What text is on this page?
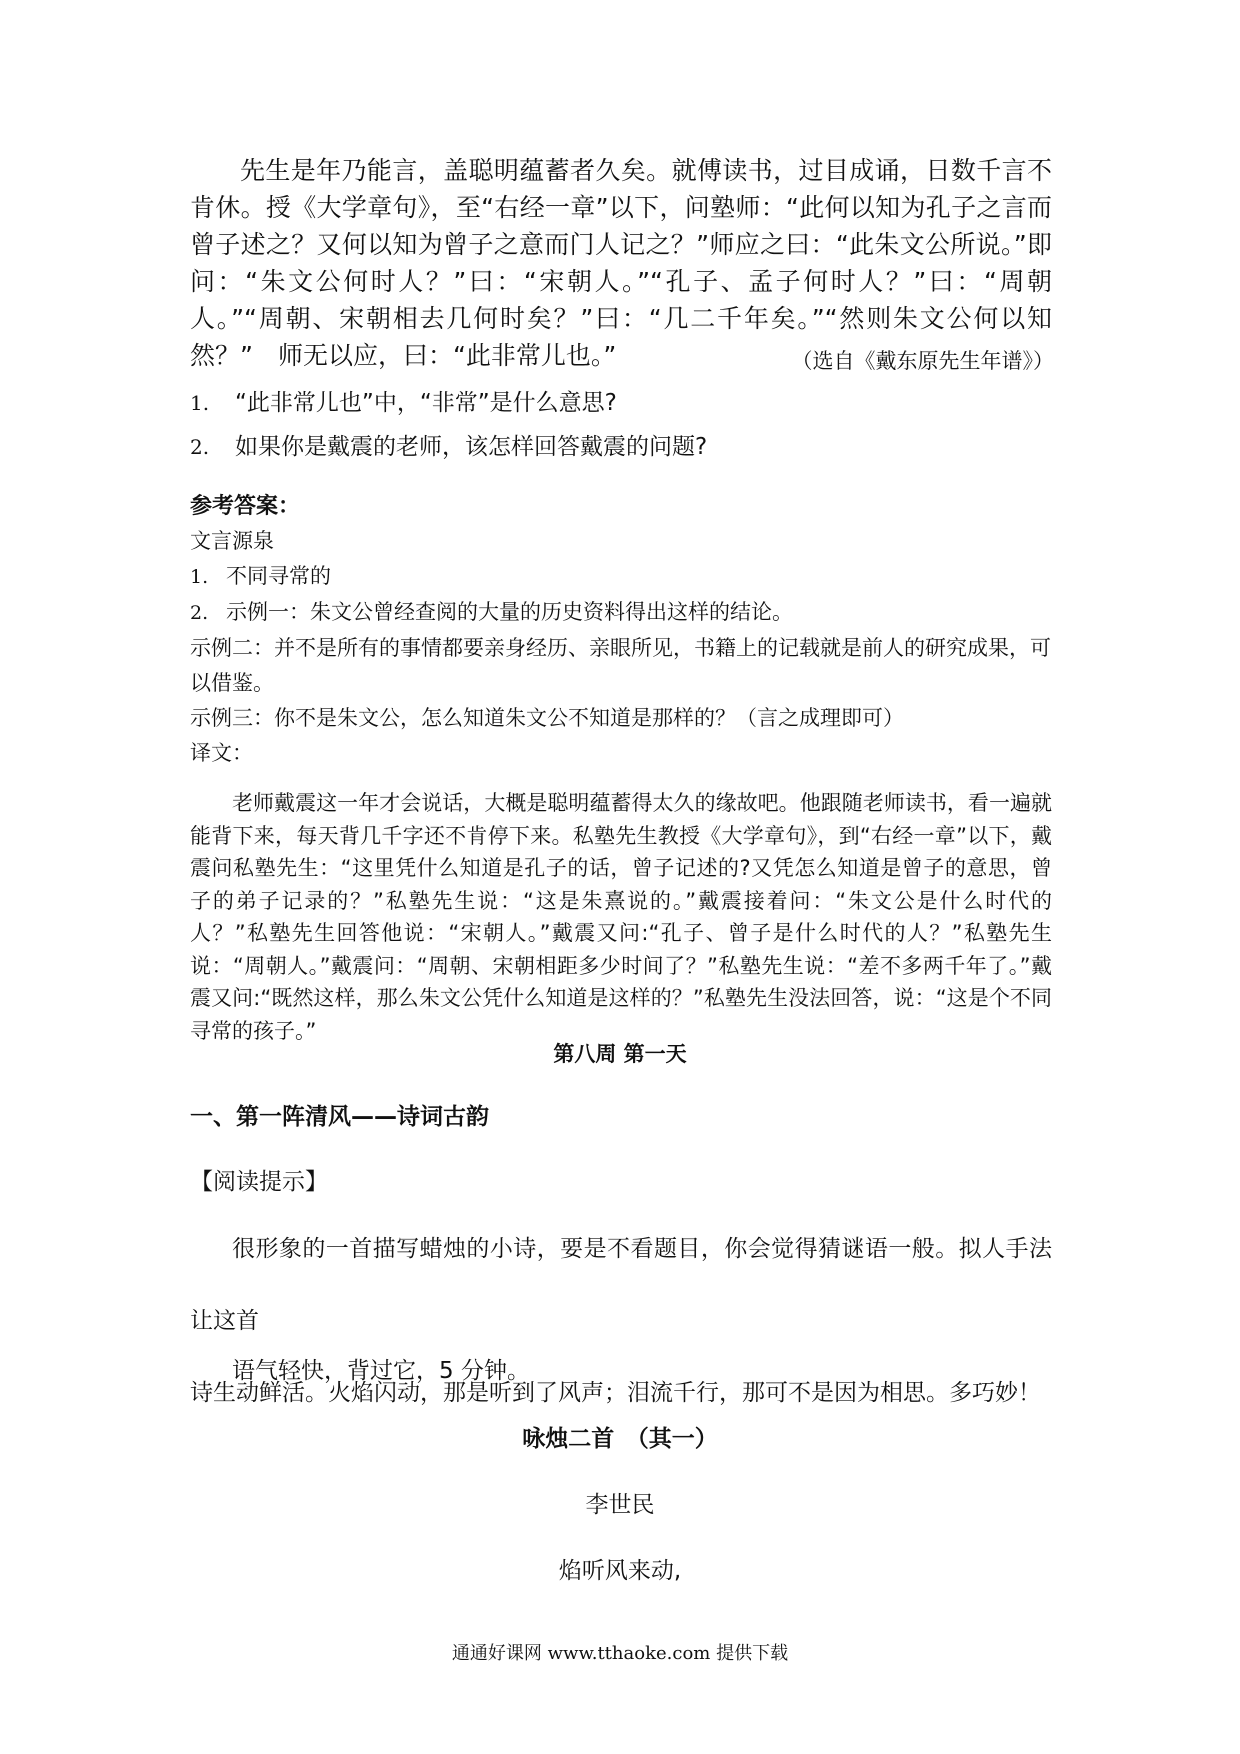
先生是年乃能言，盖聪明蕴蓄者久矣。就傅读书，过目成诵，日数千言不肯休。授《大学章句》，至“右经一章”以下，问塾师：“此何以知为孔子之言而曾子述之？又何以知为曾子之意而门人记之？”师应之曰：“此朱文公所说。”即问：“朱文公何时人？”曰：“宋朝人。”“孔子、孟子何时人？”曰：“周朝人。”“周朝、宋朝相去几何时矣？”曰：“几二千年矣。”“然则朱文公何以知然？”　师无以应，曰：“此非常儿也。”	（选自《戴东原先生年谱》）
1.	“此非常儿也”中，“非常”是什么意思?
2.	如果你是戴震的老师，该怎样回答戴震的问题?
参考答案：
文言源泉
1. 不同寻常的
2. 示例一：朱文公曾经查阅的大量的历史资料得出这样的结论。
示例二：并不是所有的事情都要亲身经历、亲眼所见，书籍上的记载就是前人的研究成果，可以借鉴。
示例三：你不是朱文公，怎么知道朱文公不知道是那样的？（言之成理即可）
译文：

老师戴震这一年才会说话，大概是聪明蕴蓄得太久的缘故吧。他跟随老师读书，看一遍就能背下来，每天背几千字还不肯停下来。私塾先生教授《大学章句》，到“右经一章”以下，戴震问私塾先生：“这里凭什么知道是孔子的话，曾子记述的?又凭怎么知道是曾子的意思，曾子的弟子记录的？”私塾先生说：“这是朱熹说的。”戴震接着问：“朱文公是什么时代的人？”私塾先生回答他说：“宋朝人。”戴震又问:“孔子、曾子是什么时代的人？”私塾先生说：“周朝人。”戴震问：“周朝、宋朝相距多少时间了？”私塾先生说：“差不多两千年了。”戴震又问:“既然这样，那么朱文公凭什么知道是这样的？”私塾先生没法回答，说：“这是个不同寻常的孩子。”

第八周 第一天
一、第一阵清风——诗词古韵
【阅读提示】

很形象的一首描写蜡烛的小诗，要是不看题目，你会觉得猜谜语一般。拟人手法让这首

诗生动鲜活。火焰闪动，那是听到了风声；泪流千行，那可不是因为相思。多巧妙！

语气轻快，背过它，5 分钟。
咏烛二首　（其一）
李世民
焰听风来动,
通通好课网 www.tthaoke.com 提供下载
